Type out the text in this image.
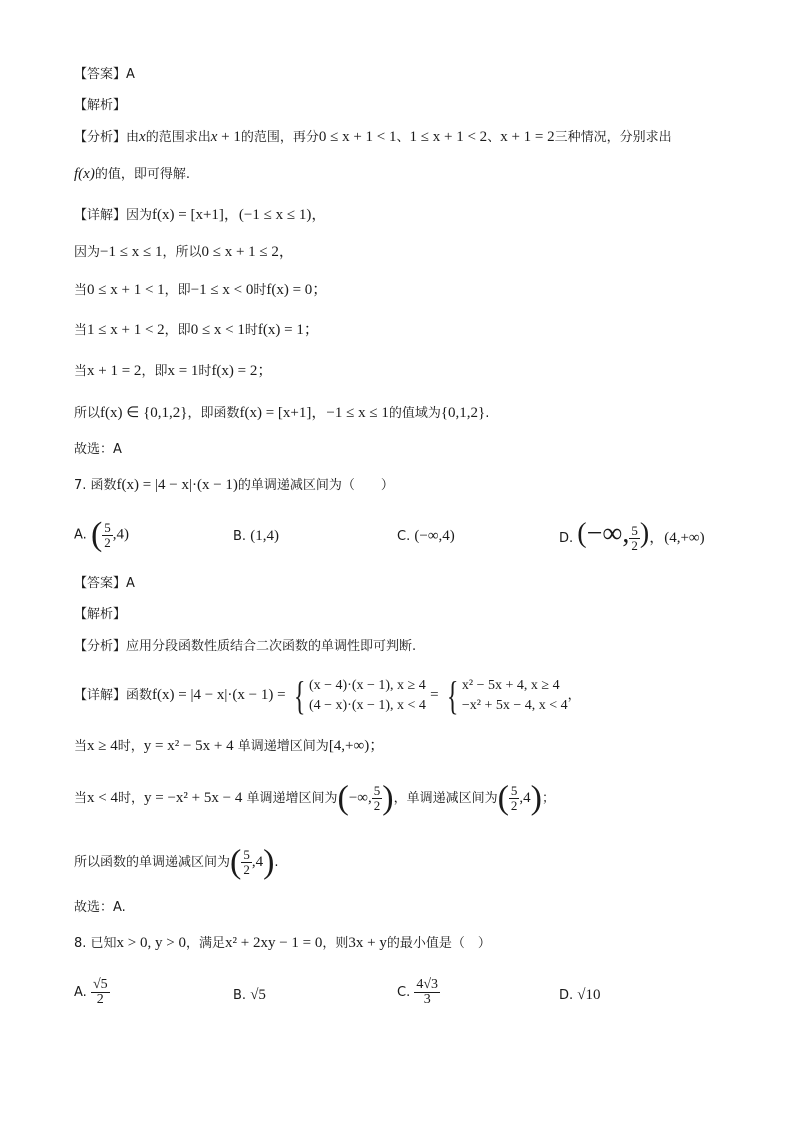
【答案】A
【解析】
【分析】由x的范围求出x + 1的范围，再分0 ≤ x + 1 < 1、1 ≤ x + 1 < 2、x + 1 = 2三种情况，分别求出
f(x)的值，即可得解.
【详解】因为f(x) = [x+1]，(−1 ≤ x ≤ 1)，
因为−1 ≤ x ≤ 1，所以0 ≤ x + 1 ≤ 2，
当0 ≤ x + 1 < 1，即−1 ≤ x < 0时f(x) = 0；
当1 ≤ x + 1 < 2，即0 ≤ x < 1时f(x) = 1；
当x + 1 = 2，即x = 1时f(x) = 2；
所以f(x) ∈ {0,1,2}，即函数f(x) = [x+1]，−1 ≤ x ≤ 1的值域为{0,1,2}.
故选：A
7. 函数f(x) = |4 − x|·(x − 1)的单调递减区间为（　　）
A. ( $\frac{5}{2} ,4$)	B. (1,4)	C. (−∞,4)	D. (−∞, $\frac{5}{2}$ )，(4,+∞)
【答案】A
【解析】
【分析】应用分段函数性质结合二次函数的单调性即可判断.
【详解】函数f(x) = |4 − x|·(x − 1) = { (x − 4)·(x − 1), x ≥ 4
(4 − x)·(x − 1), x < 4
= { x² − 5x + 4, x ≥ 4
−x² + 5x − 4, x < 4
，
当x ≥ 4时，y = x² − 5x + 4 单调递增区间为[4,+∞)；
当x < 4时，y = −x² + 5x − 4 单调递增区间为(−∞, $\frac{5}{2}$ )，单调递减区间为( $\frac{5}{2} ,4$)；
所以函数的单调递减区间为( $\frac{5}{2} ,4$).
故选：A.
8. 已知x > 0, y > 0，满足x² + 2xy − 1 = 0，则3x + y的最小值是（　）
A. $\frac{√5}{2}$	B. √5	C. $\frac{4√3}{3}$	D. √10
